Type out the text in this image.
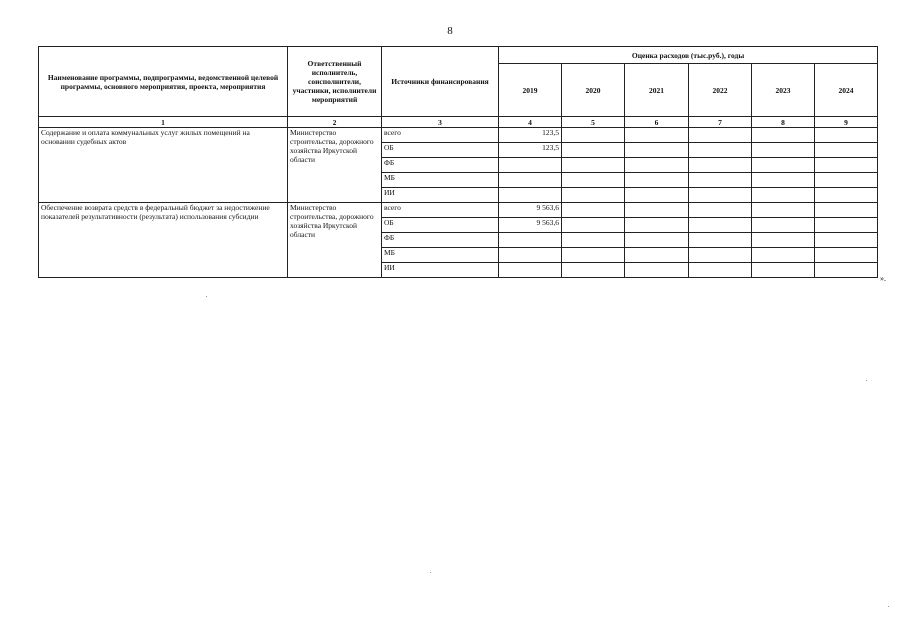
8
Наименование программы, подпрограммы, ведомственной целевой программы, основного мероприятия, проекта, мероприятия	Ответственный исполнитель, соисполнители, участники, исполнители мероприятий	Источники финансирования	Оценка расходов (тыс.руб.), годы					
			2019	2020	2021	2022	2023	2024
1	2	3	4	5	6	7	8	9
Содержание и оплата коммунальных услуг жилых помещений на основании судебных актов	Министерство строительства, дорожного хозяйства Иркутской области	всего	123,5					
		ОБ	123,5					
		ФБ						
		МБ						
		ИИ						
Обеспечение возврата средств в федеральный бюджет за недостижение показателей результативности (результата) использования субсидии	Министерство строительства, дорожного хозяйства Иркутской области	всего	9 563,6					
		ОБ	9 563,6					
		ФБ						
		МБ						
		ИИ						
».
